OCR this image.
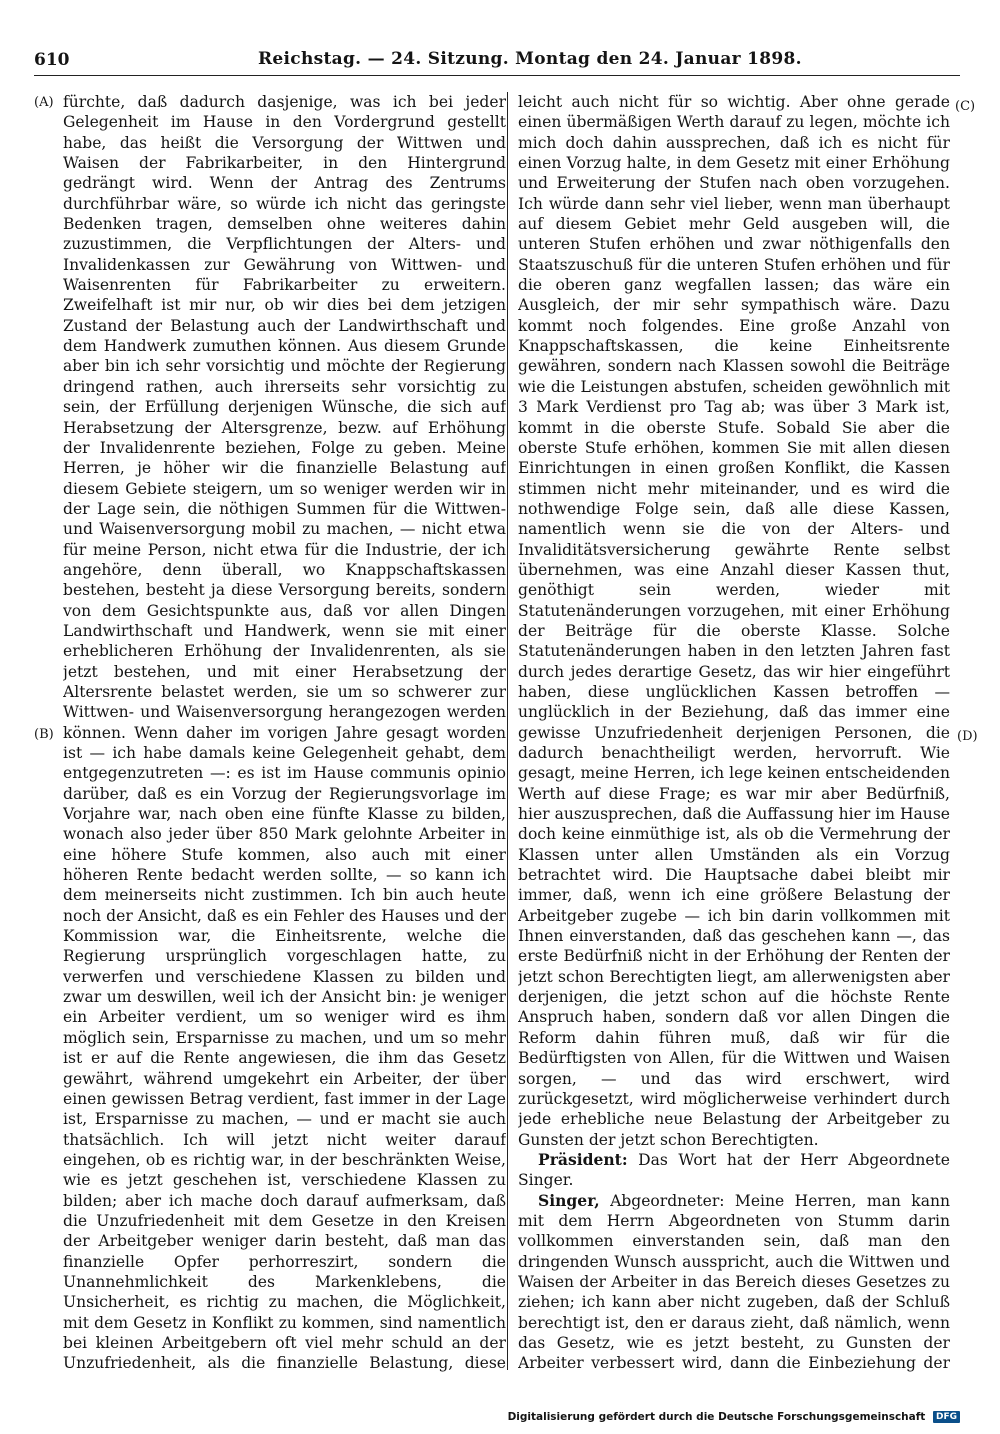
610	Reichstag. — 24. Sitzung. Montag den 24. Januar 1898.
(A)
(B)
(C)
(D)

fürchte, daß dadurch dasjenige, was ich bei jeder Gelegenheit im Hause in den Vordergrund gestellt habe, das heißt die Versorgung der Wittwen und Waisen der Fabrikarbeiter, in den Hintergrund gedrängt wird. Wenn der Antrag des Zentrums durchführbar wäre, so würde ich nicht das geringste Bedenken tragen, demselben ohne weiteres dahin zuzustimmen, die Verpflichtungen der Alters- und Invalidenkassen zur Gewährung von Wittwen- und Waisenrenten für Fabrikarbeiter zu erweitern. Zweifelhaft ist mir nur, ob wir dies bei dem jetzigen Zustand der Belastung auch der Landwirthschaft und dem Handwerk zumuthen können. Aus diesem Grunde aber bin ich sehr vorsichtig und möchte der Regierung dringend rathen, auch ihrerseits sehr vorsichtig zu sein, der Erfüllung derjenigen Wünsche, die sich auf Herabsetzung der Altersgrenze, bezw. auf Erhöhung der Invalidenrente beziehen, Folge zu geben. Meine Herren, je höher wir die finanzielle Belastung auf diesem Gebiete steigern, um so weniger werden wir in der Lage sein, die nöthigen Summen für die Wittwen- und Waisenversorgung mobil zu machen, — nicht etwa für meine Person, nicht etwa für die Industrie, der ich angehöre, denn überall, wo Knappschaftskassen bestehen, besteht ja diese Versorgung bereits, sondern von dem Gesichtspunkte aus, daß vor allen Dingen Landwirthschaft und Handwerk, wenn sie mit einer erheblicheren Erhöhung der Invalidenrenten, als sie jetzt bestehen, und mit einer Herabsetzung der Altersrente belastet werden, sie um so schwerer zur Wittwen- und Waisenversorgung herangezogen werden können. Wenn daher im vorigen Jahre gesagt worden ist — ich habe damals keine Gelegenheit gehabt, dem entgegenzutreten —: es ist im Hause communis opinio darüber, daß es ein Vorzug der Regierungsvorlage im Vorjahre war, nach oben eine fünfte Klasse zu bilden, wonach also jeder über 850 Mark gelohnte Arbeiter in eine höhere Stufe kommen, also auch mit einer höheren Rente bedacht werden sollte, — so kann ich dem meinerseits nicht zustimmen. Ich bin auch heute noch der Ansicht, daß es ein Fehler des Hauses und der Kommission war, die Einheitsrente, welche die Regierung ursprünglich vorgeschlagen hatte, zu verwerfen und verschiedene Klassen zu bilden und zwar um deswillen, weil ich der Ansicht bin: je weniger ein Arbeiter verdient, um so weniger wird es ihm möglich sein, Ersparnisse zu machen, und um so mehr ist er auf die Rente angewiesen, die ihm das Gesetz gewährt, während umgekehrt ein Arbeiter, der über einen gewissen Betrag verdient, fast immer in der Lage ist, Ersparnisse zu machen, — und er macht sie auch thatsächlich. Ich will jetzt nicht weiter darauf eingehen, ob es richtig war, in der beschränkten Weise, wie es jetzt geschehen ist, verschiedene Klassen zu bilden; aber ich mache doch darauf aufmerksam, daß die Unzufriedenheit mit dem Gesetze in den Kreisen der Arbeitgeber weniger darin besteht, daß man das finanzielle Opfer perhorreszirt, sondern die Unannehmlichkeit des Markenklebens, die Unsicherheit, es richtig zu machen, die Möglichkeit, mit dem Gesetz in Konflikt zu kommen, sind namentlich bei kleinen Arbeitgebern oft viel mehr schuld an der Unzufriedenheit, als die finanzielle Belastung, diese

leicht auch nicht für so wichtig. Aber ohne gerade einen übermäßigen Werth darauf zu legen, möchte ich mich doch dahin aussprechen, daß ich es nicht für einen Vorzug halte, in dem Gesetz mit einer Erhöhung und Erweiterung der Stufen nach oben vorzugehen. Ich würde dann sehr viel lieber, wenn man überhaupt auf diesem Gebiet mehr Geld ausgeben will, die unteren Stufen erhöhen und zwar nöthigenfalls den Staatszuschuß für die unteren Stufen erhöhen und für die oberen ganz wegfallen lassen; das wäre ein Ausgleich, der mir sehr sympathisch wäre. Dazu kommt noch folgendes. Eine große Anzahl von Knappschaftskassen, die keine Einheitsrente gewähren, sondern nach Klassen sowohl die Beiträge wie die Leistungen abstufen, scheiden gewöhnlich mit 3 Mark Verdienst pro Tag ab; was über 3 Mark ist, kommt in die oberste Stufe. Sobald Sie aber die oberste Stufe erhöhen, kommen Sie mit allen diesen Einrichtungen in einen großen Konflikt, die Kassen stimmen nicht mehr miteinander, und es wird die nothwendige Folge sein, daß alle diese Kassen, namentlich wenn sie die von der Alters- und Invaliditätsversicherung gewährte Rente selbst übernehmen, was eine Anzahl dieser Kassen thut, genöthigt sein werden, wieder mit Statutenänderungen vorzugehen, mit einer Erhöhung der Beiträge für die oberste Klasse. Solche Statutenänderungen haben in den letzten Jahren fast durch jedes derartige Gesetz, das wir hier eingeführt haben, diese unglücklichen Kassen betroffen — unglücklich in der Beziehung, daß das immer eine gewisse Unzufriedenheit derjenigen Personen, die dadurch benachtheiligt werden, hervorruft. Wie gesagt, meine Herren, ich lege keinen entscheidenden Werth auf diese Frage; es war mir aber Bedürfniß, hier auszusprechen, daß die Auffassung hier im Hause doch keine einmüthige ist, als ob die Vermehrung der Klassen unter allen Umständen als ein Vorzug betrachtet wird. Die Hauptsache dabei bleibt mir immer, daß, wenn ich eine größere Belastung der Arbeitgeber zugebe — ich bin darin vollkommen mit Ihnen einverstanden, daß das geschehen kann —, das erste Bedürfniß nicht in der Erhöhung der Renten der jetzt schon Berechtigten liegt, am allerwenigsten aber derjenigen, die jetzt schon auf die höchste Rente Anspruch haben, sondern daß vor allen Dingen die Reform dahin führen muß, daß wir für die Bedürftigsten von Allen, für die Wittwen und Waisen sorgen, — und das wird erschwert, wird zurückgesetzt, wird möglicherweise verhindert durch jede erhebliche neue Belastung der Arbeitgeber zu Gunsten der jetzt schon Berechtigten.

Präsident: Das Wort hat der Herr Abgeordnete Singer.

Singer, Abgeordneter: Meine Herren, man kann mit dem Herrn Abgeordneten von Stumm darin vollkommen einverstanden sein, daß man den dringenden Wunsch ausspricht, auch die Wittwen und Waisen der Arbeiter in das Bereich dieses Gesetzes zu ziehen; ich kann aber nicht zugeben, daß der Schluß berechtigt ist, den er daraus zieht, daß nämlich, wenn das Gesetz, wie es jetzt besteht, zu Gunsten der Arbeiter verbessert wird, dann die Einbeziehung der

Digitalisierung gefördert durch die Deutsche Forschungsgemeinschaft DFG
